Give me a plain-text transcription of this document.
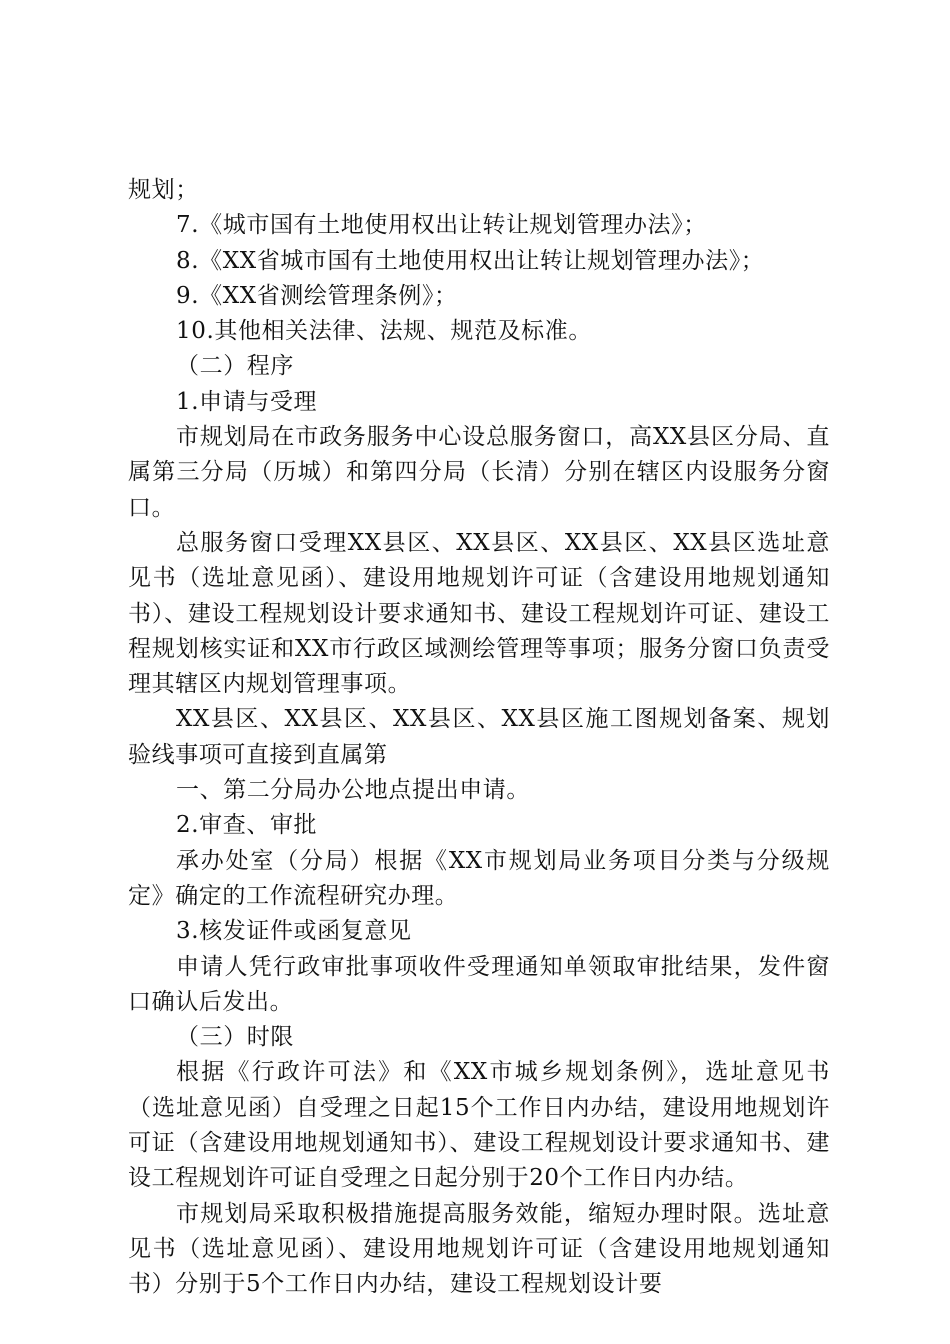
规划；

7.《城市国有土地使用权出让转让规划管理办法》；

8.《XX省城市国有土地使用权出让转让规划管理办法》；

9.《XX省测绘管理条例》；

10.其他相关法律、法规、规范及标准。

（二）程序

1.申请与受理

市规划局在市政务服务中心设总服务窗口，高XX县区分局、直属第三分局（历城）和第四分局（长清）分别在辖区内设服务分窗口。

总服务窗口受理XX县区、XX县区、XX县区、XX县区选址意见书（选址意见函）、建设用地规划许可证（含建设用地规划通知书）、建设工程规划设计要求通知书、建设工程规划许可证、建设工程规划核实证和XX市行政区域测绘管理等事项；服务分窗口负责受理其辖区内规划管理事项。

XX县区、XX县区、XX县区、XX县区施工图规划备案、规划验线事项可直接到直属第

一、第二分局办公地点提出申请。

2.审查、审批

承办处室（分局）根据《XX市规划局业务项目分类与分级规定》确定的工作流程研究办理。

3.核发证件或函复意见

申请人凭行政审批事项收件受理通知单领取审批结果，发件窗口确认后发出。

（三）时限

根据《行政许可法》和《XX市城乡规划条例》，选址意见书（选址意见函）自受理之日起15个工作日内办结，建设用地规划许可证（含建设用地规划通知书）、建设工程规划设计要求通知书、建设工程规划许可证自受理之日起分别于20个工作日内办结。

市规划局采取积极措施提高服务效能，缩短办理时限。选址意见书（选址意见函）、建设用地规划许可证（含建设用地规划通知书）分别于5个工作日内办结，建设工程规划设计要
